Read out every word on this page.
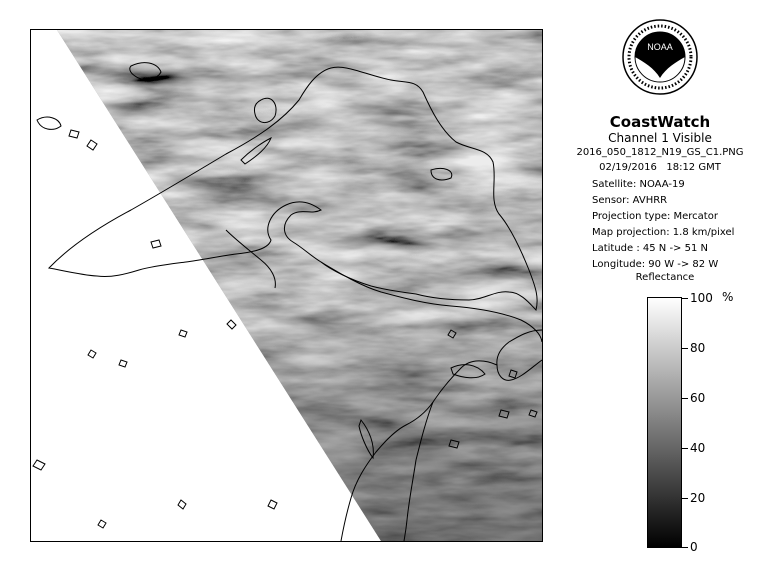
NOAA
CoastWatch
Channel 1 Visible
2016_050_1812_N19_GS_C1.PNG
02/19/2016   18:12 GMT
Satellite: NOAA-19
Sensor: AVHRR
Projection type: Mercator
Map projection: 1.8 km/pixel
Latitude : 45 N -> 51 N
Longitude: 90 W -> 82 W
Reflectance
%
100
80
60
40
20
0
